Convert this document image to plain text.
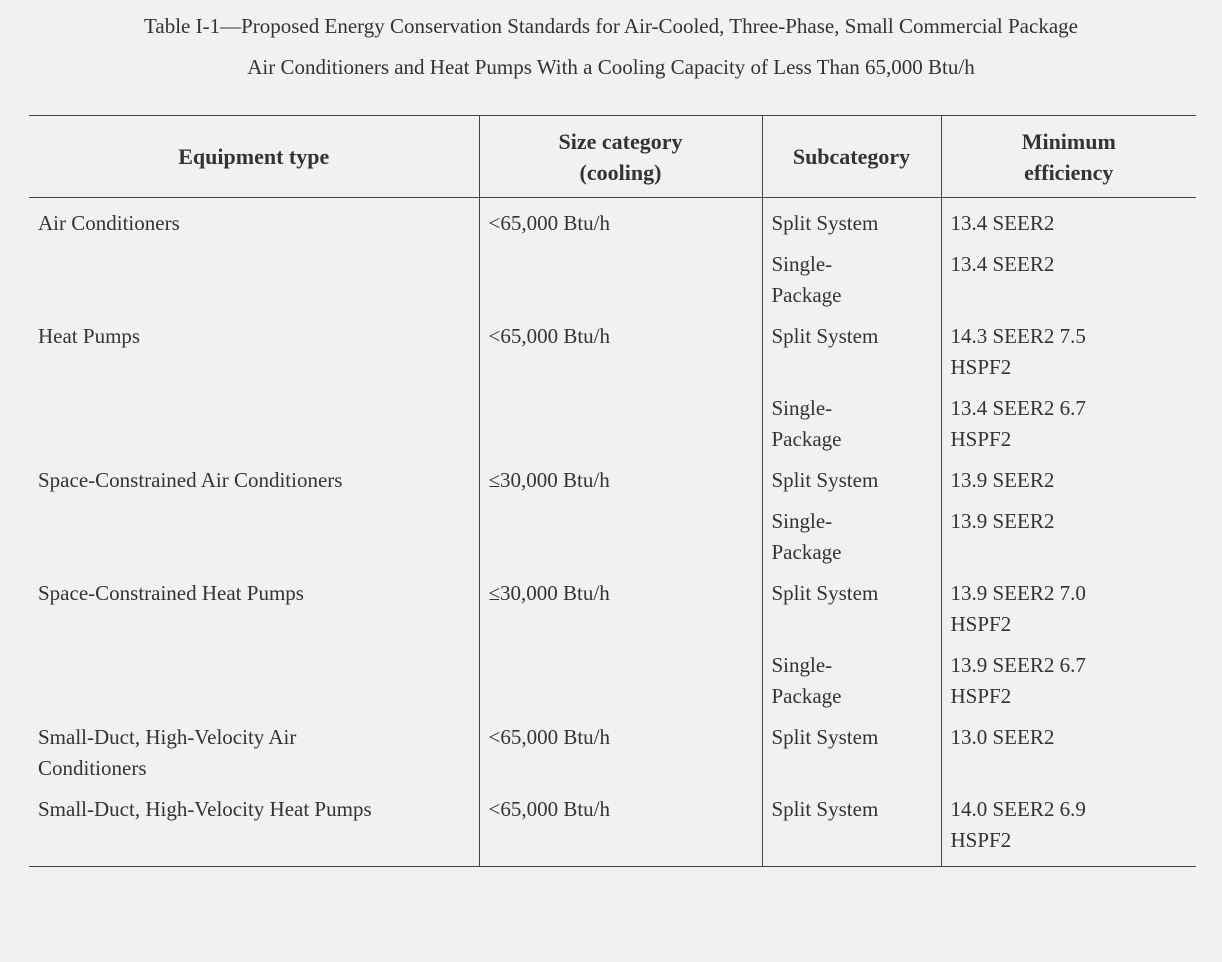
Table I-1—Proposed Energy Conservation Standards for Air-Cooled, Three-Phase, Small Commercial Package
Air Conditioners and Heat Pumps With a Cooling Capacity of Less Than 65,000 Btu/h
Equipment type	Size category (cooling)	Subcategory	Minimum efficiency
Air Conditioners	<65,000 Btu/h	Split System	13.4 SEER2
		Single-Package	13.4 SEER2
Heat Pumps	<65,000 Btu/h	Split System	14.3 SEER2 7.5 HSPF2
		Single-Package	13.4 SEER2 6.7 HSPF2
Space-Constrained Air Conditioners	≤30,000 Btu/h	Split System	13.9 SEER2
		Single-Package	13.9 SEER2
Space-Constrained Heat Pumps	≤30,000 Btu/h	Split System	13.9 SEER2 7.0 HSPF2
		Single-Package	13.9 SEER2 6.7 HSPF2
Small-Duct, High-Velocity Air Conditioners	<65,000 Btu/h	Split System	13.0 SEER2
Small-Duct, High-Velocity Heat Pumps	<65,000 Btu/h	Split System	14.0 SEER2 6.9 HSPF2
